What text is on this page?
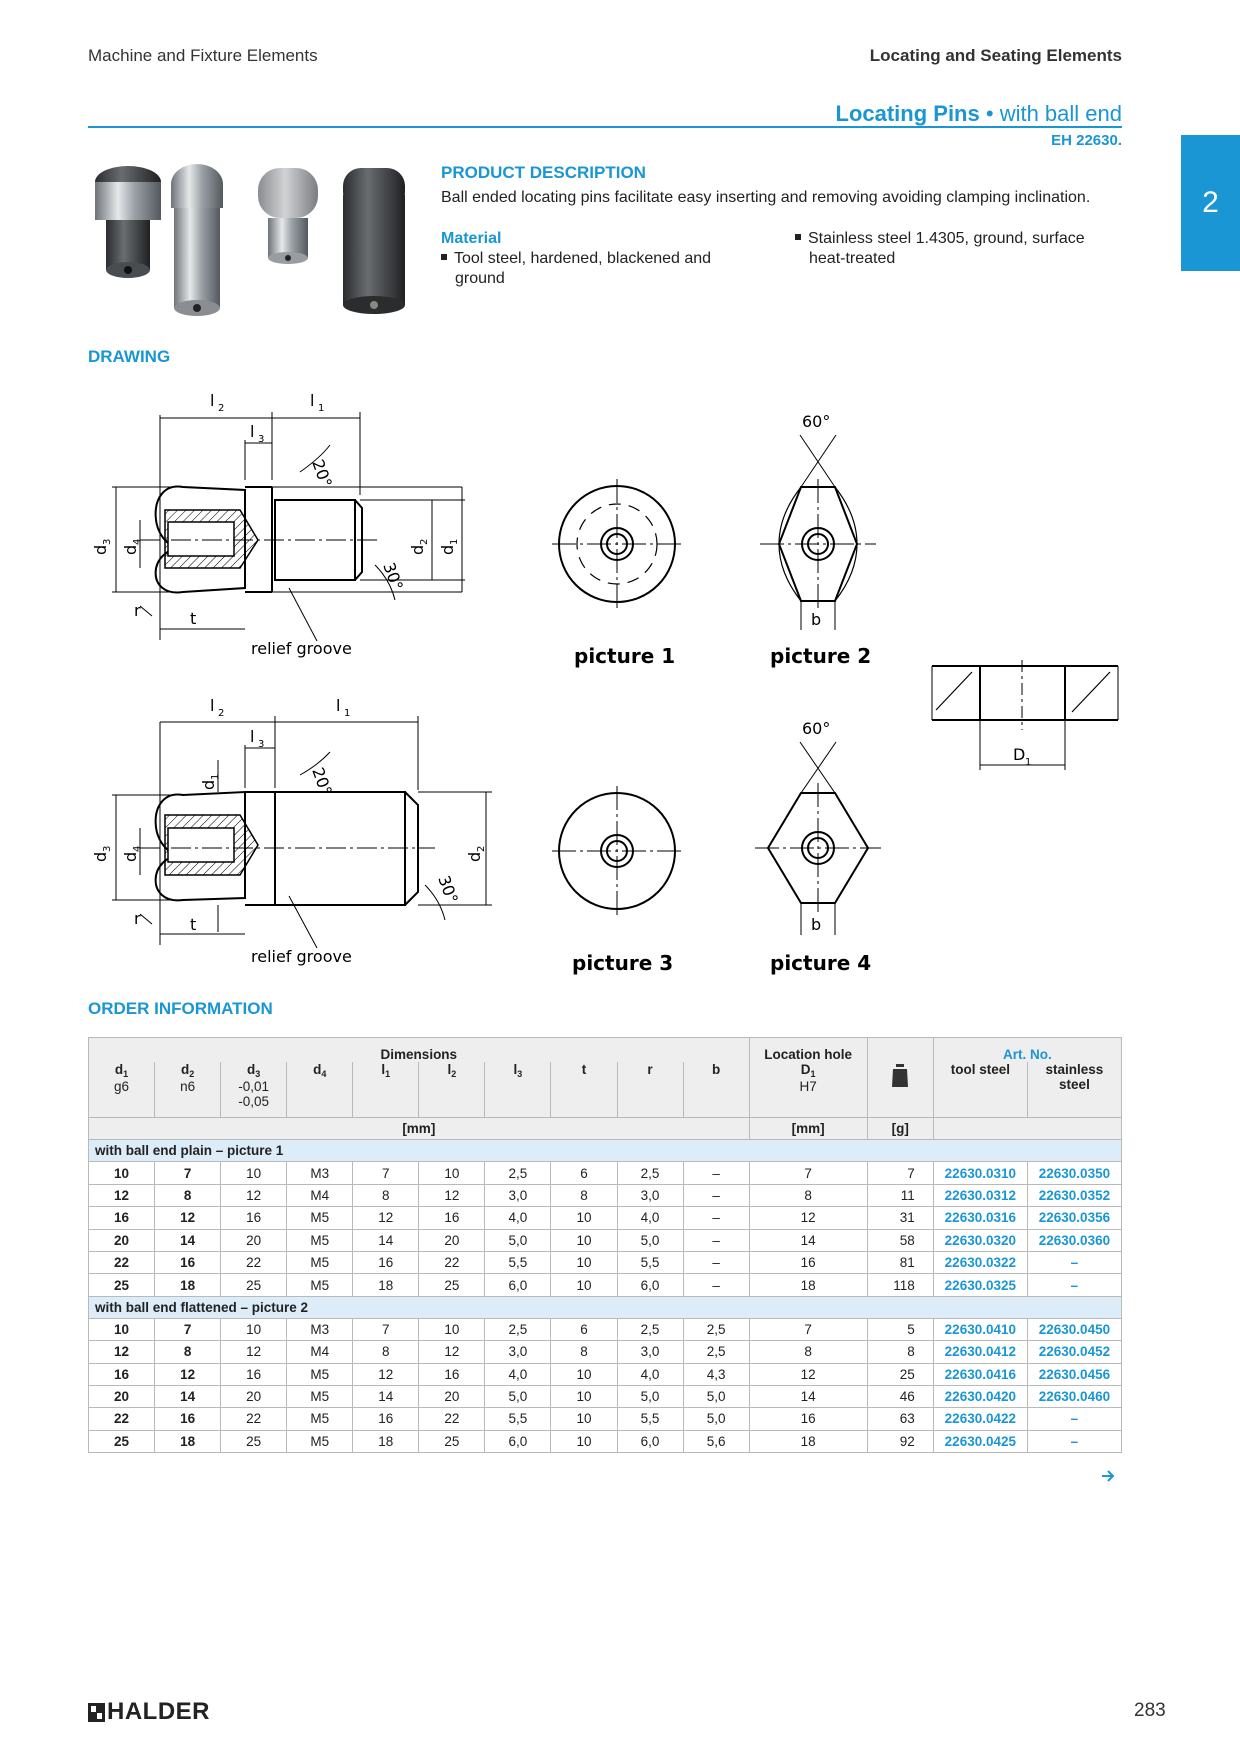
Machine and Fixture Elements	Locating and Seating Elements
Locating Pins • with ball end
EH 22630.
2
PRODUCT DESCRIPTION
Ball ended locating pins facilitate easy inserting and removing avoiding clamping inclination.
Material
Tool steel, hardened, blackened and
ground
Stainless steel 1.4305, ground, surface
heat-treated
DRAWING
l 2	l 1
l 3
20°
30°
d
3
d
4
d
2
d
1
r	t
relief groove
60°
b
picture 1	picture 2
D 1
l 2	l 1
l 3
d
1	20°
30°
d
3
d
4
d
2
r	t
relief groove
60°
b
picture 3	picture 4
ORDER INFORMATION
Dimensions										Location hole		Art. No.	
$d_1$
g6	$d_2$
n6	$d_3$
-0,01
-0,05	$d_4$	$l_1$	$l_2$	$l_3$	t	r	b	$D_1$
H7		tool steel	stainless steel
[mm]										[mm]	[g]		
with ball end plain – picture 1													
10	7	10	M3	7	10	2,5	6	2,5	–	7	7	22630.0310	22630.0350
12	8	12	M4	8	12	3,0	8	3,0	–	8	11	22630.0312	22630.0352
16	12	16	M5	12	16	4,0	10	4,0	–	12	31	22630.0316	22630.0356
20	14	20	M5	14	20	5,0	10	5,0	–	14	58	22630.0320	22630.0360
22	16	22	M5	16	22	5,5	10	5,5	–	16	81	22630.0322	–
25	18	25	M5	18	25	6,0	10	6,0	–	18	118	22630.0325	–
with ball end flattened – picture 2													
10	7	10	M3	7	10	2,5	6	2,5	2,5	7	5	22630.0410	22630.0450
12	8	12	M4	8	12	3,0	8	3,0	2,5	8	8	22630.0412	22630.0452
16	12	16	M5	12	16	4,0	10	4,0	4,3	12	25	22630.0416	22630.0456
20	14	20	M5	14	20	5,0	10	5,0	5,0	14	46	22630.0420	22630.0460
22	16	22	M5	16	22	5,5	10	5,5	5,0	16	63	22630.0422	–
25	18	25	M5	18	25	6,0	10	6,0	5,6	18	92	22630.0425	–
HALDER	283
